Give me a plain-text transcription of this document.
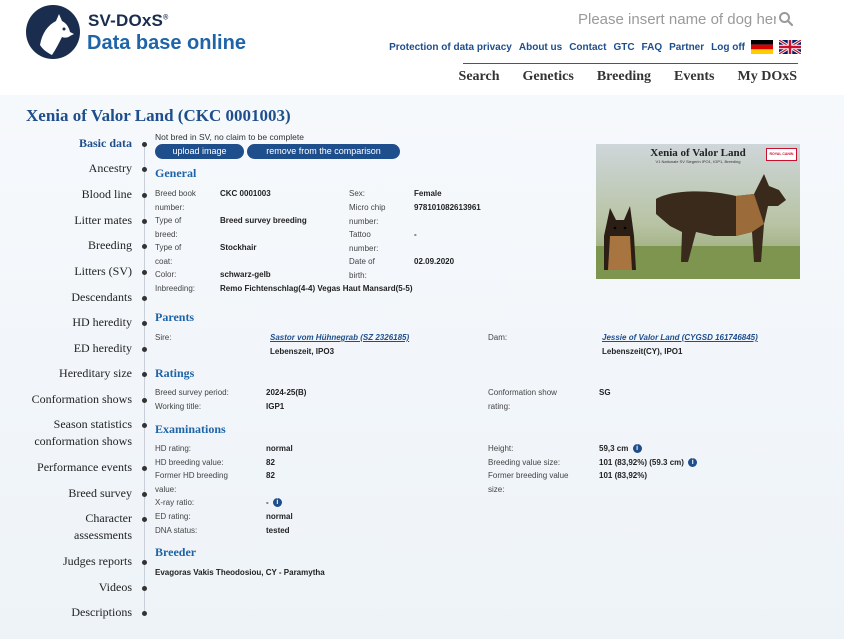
SV-DOxS®
Data base online
Please insert name of dog here	Protection of data privacy About us Contact GTC FAQ Partner Log off
Search Genetics Breeding Events My DOxS
Xenia of Valor Land (CKC 0001003)
Basic data
Ancestry
Blood line
Litter mates
Breeding
Litters (SV)
Descendants
HD heredity
ED heredity
Hereditary size
Conformation shows
Season statistics
conformation shows
Performance events
Breed survey
Character
assessments
Judges reports
Videos
Descriptions
Not bred in SV, no claim to be complete
upload image	remove from the comparison	Xenia of Valor Land
V1 Nationale SV Siegerin IPO1, IGP1, Breeding
ROYAL CANIN
General
Breed book
number:
CKC 0001003
Type of
breed:
Breed survey breeding
Type of
coat:
Stockhair
Color:	schwarz-gelb
Inbreeding:	Remo Fichtenschlag(4-4) Vegas Haut Mansard(5-5)
Sex:	Female
Micro chip
number:
978101082613961
Tattoo
number:
-
Date of
birth:
02.09.2020
Parents
Sire:	Sastor vom Hühnegrab (SZ 2326185)
Lebenszeit, IPO3
Dam:	Jessie of Valor Land (CYGSD 161746845)
Lebenszeit(CY), IPO1
Ratings
Breed survey period:	2024-25(B)
Working title:	IGP1
Conformation show
rating:
SG
Examinations
HD rating:	normal
HD breeding value:	82
Former HD breeding
value:
82
X-ray ratio:	- i
ED rating:	normal
DNA status:	tested
Height:	59,3 cm i
Breeding value size:	101 (83,92%) (59.3 cm) i
Former breeding value
size:
101 (83,92%)
Breeder
Evagoras Vakis Theodosiou, CY - Paramytha
